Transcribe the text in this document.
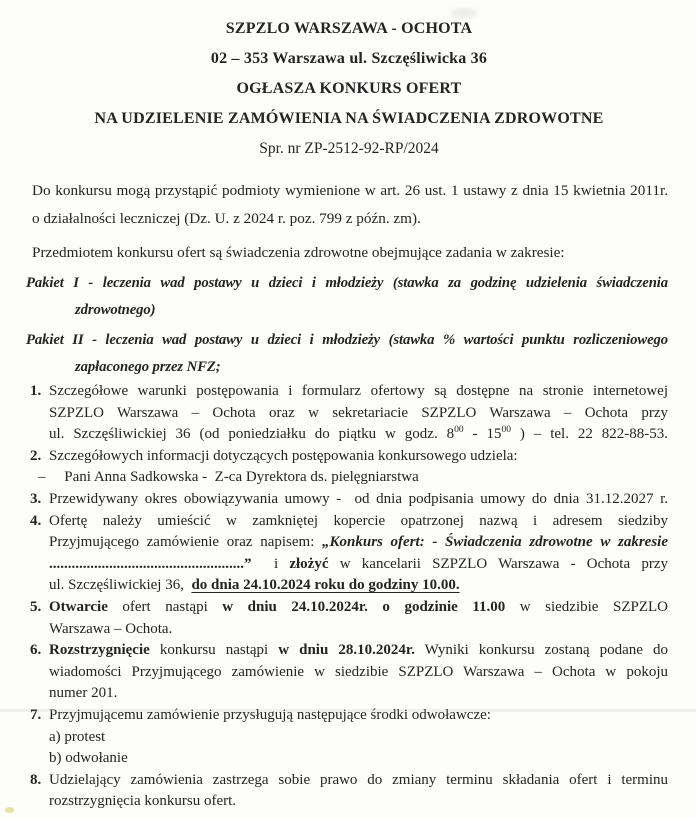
SZPZLO WARSZAWA - OCHOTA
02 – 353 Warszawa ul. Szczęśliwicka 36
OGŁASZA KONKURS OFERT
NA UDZIELENIE ZAMÓWIENIA NA ŚWIADCZENIA ZDROWOTNE
Spr. nr ZP-2512-92-RP/2024
Do konkursu mogą przystąpić podmioty wymienione w art. 26 ust. 1 ustawy z dnia 15 kwietnia 2011r.
o działalności leczniczej (Dz. U. z 2024 r. poz. 799 z późn. zm).
Przedmiotem konkursu ofert są świadczenia zdrowotne obejmujące zadania w zakresie:
Pakiet I - leczenia wad postawy u dzieci i młodzieży (stawka za godzinę udzielenia świadczenia
zdrowotnego)
Pakiet II - leczenia wad postawy u dzieci i młodzieży (stawka % wartości punktu rozliczeniowego
zapłaconego przez NFZ;
1. Szczegółowe warunki postępowania i formularz ofertowy są dostępne na stronie internetowej
SZPZLO Warszawa – Ochota oraz w sekretariacie SZPZLO Warszawa – Ochota przy
ul. Szczęśliwickiej 36 (od poniedziałku do piątku w godz. $8^{00} - 15^{00}$ ) – tel. 22 822-88-53.
2. Szczegółowych informacji dotyczących postępowania konkursowego udziela:
–     Pani Anna Sadkowska -  Z-ca Dyrektora ds. pielęgniarstwa
3. Przewidywany okres obowiązywania umowy -  od dnia podpisania umowy do dnia 31.12.2027 r.
4. Ofertę należy umieścić w zamkniętej kopercie opatrzonej nazwą i adresem siedziby
Przyjmującego zamówienie oraz napisem: „Konkurs ofert: - Świadczenia zdrowotne w zakresie
....................................................”  i złożyć w kancelarii SZPZLO Warszawa - Ochota przy
ul. Szczęśliwickiej 36,  do dnia 24.10.2024 roku do godziny 10.00.
5. Otwarcie ofert nastąpi w dniu 24.10.2024r. o godzinie 11.00 w siedzibie SZPZLO
Warszawa – Ochota.
6. Rozstrzygnięcie konkursu nastąpi w dniu 28.10.2024r. Wyniki konkursu zostaną podane do
wiadomości Przyjmującego zamówienie w siedzibie SZPZLO Warszawa – Ochota w pokoju
numer 201.
7. Przyjmującemu zamówienie przysługują następujące środki odwoławcze:
a) protest
b) odwołanie
8. Udzielający zamówienia zastrzega sobie prawo do zmiany terminu składania ofert i terminu
rozstrzygnięcia konkursu ofert.
